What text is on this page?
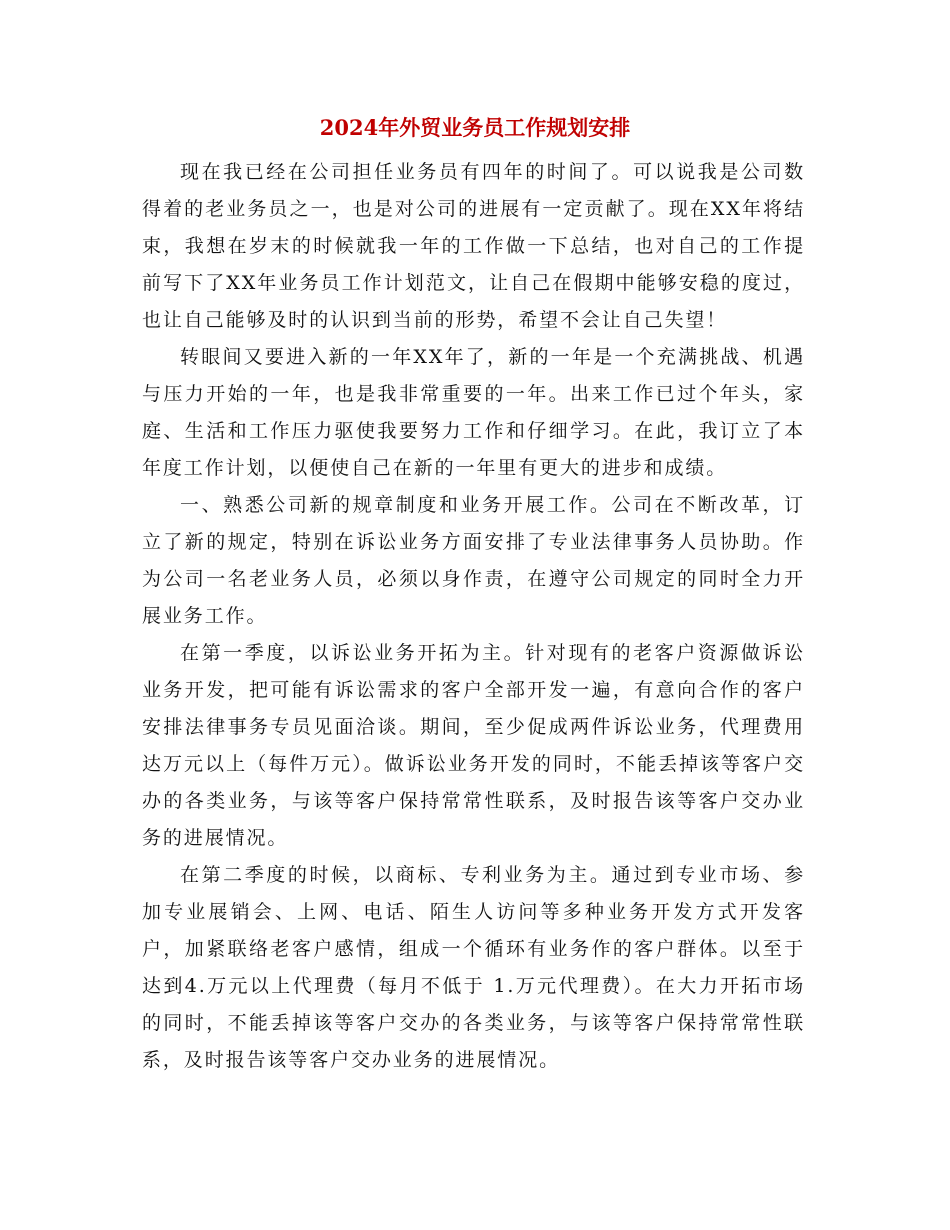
2024年外贸业务员工作规划安排

现在我已经在公司担任业务员有四年的时间了。可以说我是公司数得着的老业务员之一，也是对公司的进展有一定贡献了。现在XX年将结束，我想在岁末的时候就我一年的工作做一下总结，也对自己的工作提前写下了XX年业务员工作计划范文，让自己在假期中能够安稳的度过，也让自己能够及时的认识到当前的形势，希望不会让自己失望！

转眼间又要进入新的一年XX年了，新的一年是一个充满挑战、机遇与压力开始的一年，也是我非常重要的一年。出来工作已过个年头，家庭、生活和工作压力驱使我要努力工作和仔细学习。在此，我订立了本年度工作计划，以便使自己在新的一年里有更大的进步和成绩。

一、熟悉公司新的规章制度和业务开展工作。公司在不断改革，订立了新的规定，特别在诉讼业务方面安排了专业法律事务人员协助。作为公司一名老业务人员，必须以身作责，在遵守公司规定的同时全力开展业务工作。

在第一季度，以诉讼业务开拓为主。针对现有的老客户资源做诉讼业务开发，把可能有诉讼需求的客户全部开发一遍，有意向合作的客户安排法律事务专员见面洽谈。期间，至少促成两件诉讼业务，代理费用达万元以上（每件万元）。做诉讼业务开发的同时，不能丢掉该等客户交办的各类业务，与该等客户保持常常性联系，及时报告该等客户交办业务的进展情况。

在第二季度的时候，以商标、专利业务为主。通过到专业市场、参加专业展销会、上网、电话、陌生人访问等多种业务开发方式开发客户，加紧联络老客户感情，组成一个循环有业务作的客户群体。以至于达到4.万元以上代理费（每月不低于 1.万元代理费）。在大力开拓市场的同时，不能丢掉该等客户交办的各类业务，与该等客户保持常常性联系，及时报告该等客户交办业务的进展情况。
